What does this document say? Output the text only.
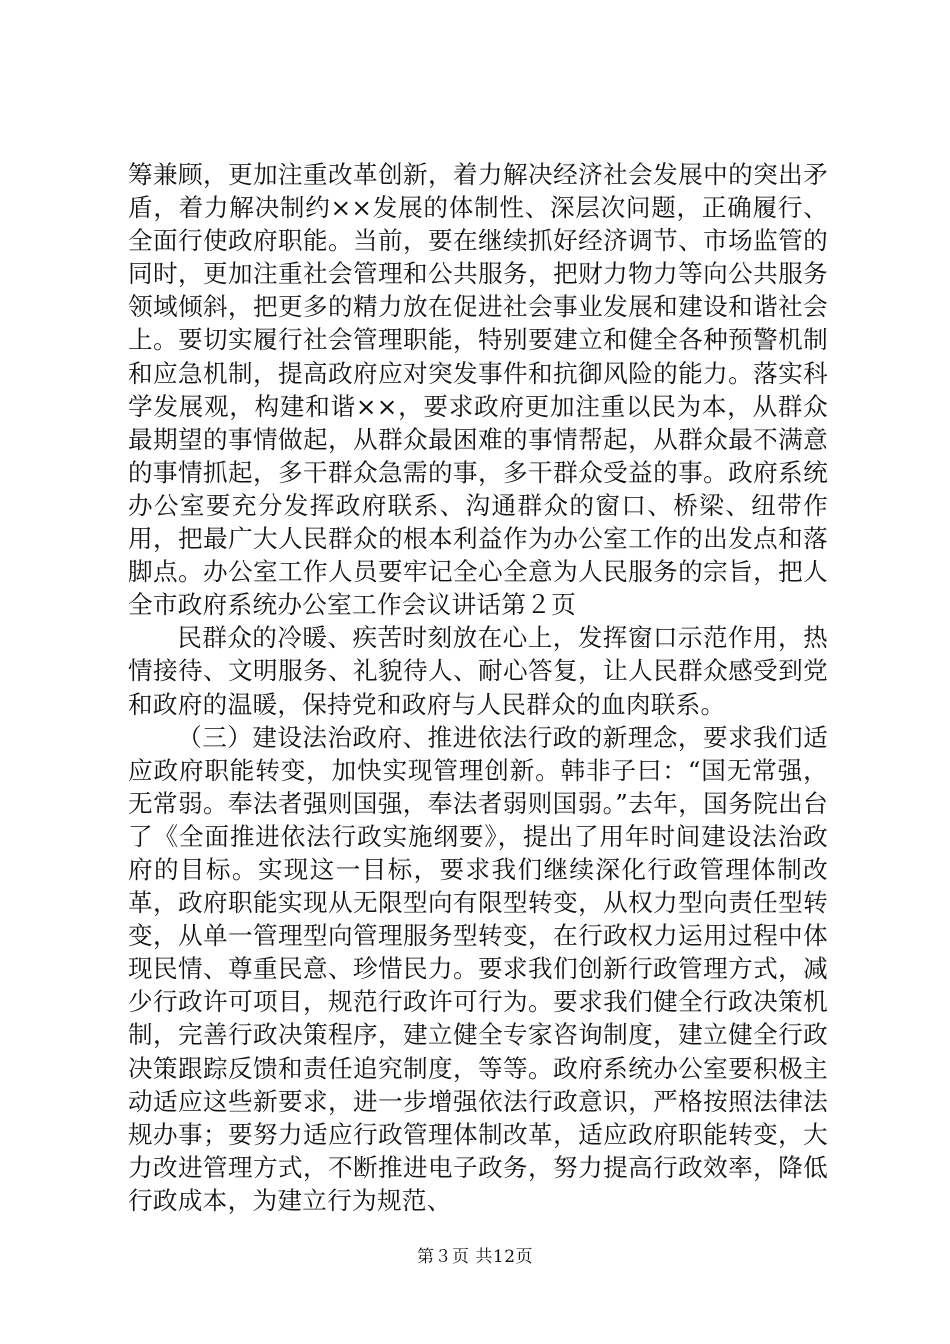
筹兼顾，更加注重改革创新，着力解决经济社会发展中的突出矛盾，着力解决制约××发展的体制性、深层次问题，正确履行、全面行使政府职能。当前，要在继续抓好经济调节、市场监管的同时，更加注重社会管理和公共服务，把财力物力等向公共服务领域倾斜，把更多的精力放在促进社会事业发展和建设和谐社会上。要切实履行社会管理职能，特别要建立和健全各种预警机制和应急机制，提高政府应对突发事件和抗御风险的能力。落实科学发展观，构建和谐××，要求政府更加注重以民为本，从群众最期望的事情做起，从群众最困难的事情帮起，从群众最不满意的事情抓起，多干群众急需的事，多干群众受益的事。政府系统办公室要充分发挥政府联系、沟通群众的窗口、桥梁、纽带作用，把最广大人民群众的根本利益作为办公室工作的出发点和落脚点。办公室工作人员要牢记全心全意为人民服务的宗旨，把人全市政府系统办公室工作会议讲话第２页

民群众的冷暖、疾苦时刻放在心上，发挥窗口示范作用，热情接待、文明服务、礼貌待人、耐心答复，让人民群众感受到党和政府的温暖，保持党和政府与人民群众的血肉联系。

（三）建设法治政府、推进依法行政的新理念，要求我们适应政府职能转变，加快实现管理创新。韩非子曰：“国无常强，无常弱。奉法者强则国强，奉法者弱则国弱。”去年，国务院出台了《全面推进依法行政实施纲要》，提出了用年时间建设法治政府的目标。实现这一目标，要求我们继续深化行政管理体制改革，政府职能实现从无限型向有限型转变，从权力型向责任型转变，从单一管理型向管理服务型转变，在行政权力运用过程中体现民情、尊重民意、珍惜民力。要求我们创新行政管理方式，减少行政许可项目，规范行政许可行为。要求我们健全行政决策机制，完善行政决策程序，建立健全专家咨询制度，建立健全行政决策跟踪反馈和责任追究制度，等等。政府系统办公室要积极主动适应这些新要求，进一步增强依法行政意识，严格按照法律法规办事；要努力适应行政管理体制改革，适应政府职能转变，大力改进管理方式，不断推进电子政务，努力提高行政效率，降低行政成本，为建立行为规范、

第３页 共12页
